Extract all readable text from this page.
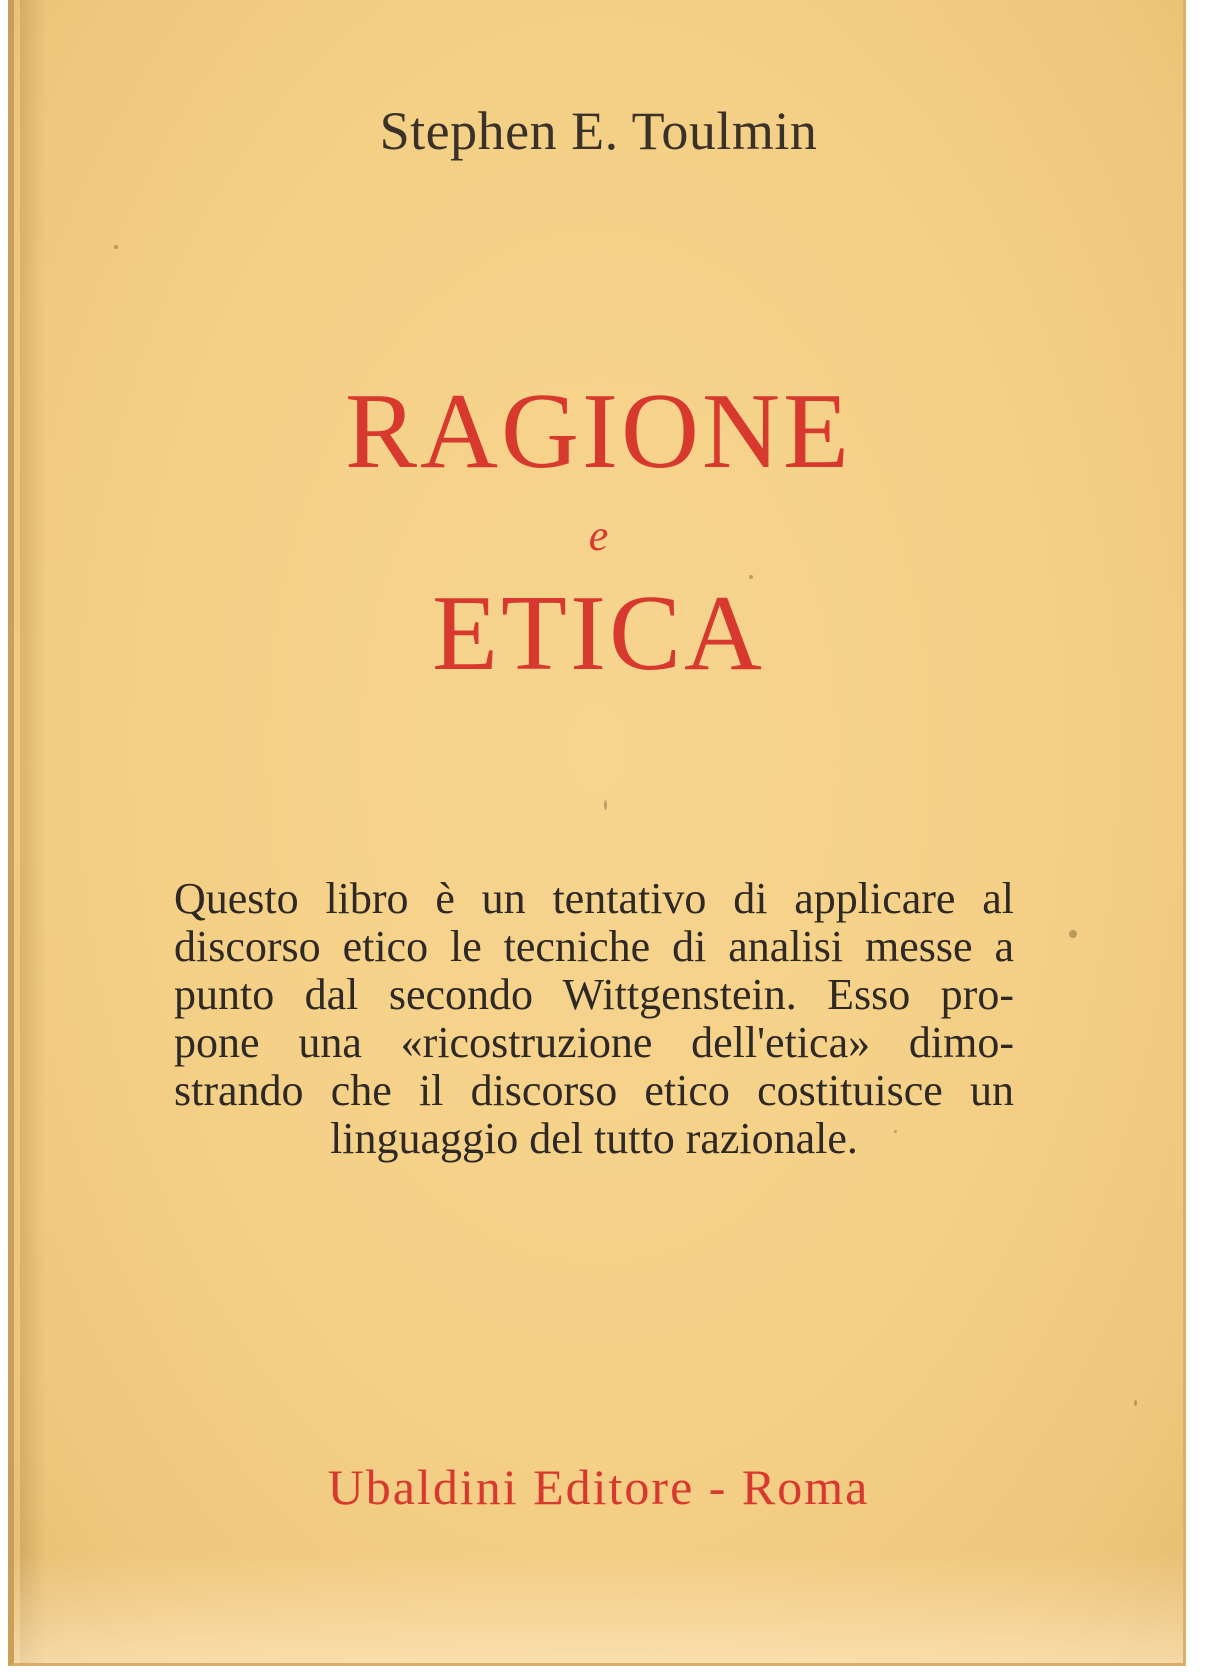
Stephen E. Toulmin
RAGIONE
e
ETICA
Questo libro è un tentativo di applicare al
discorso etico le tecniche di analisi messe a
punto dal secondo Wittgenstein. Esso pro-
pone una «ricostruzione dell'etica» dimo-
strando che il discorso etico costituisce un
linguaggio del tutto razionale.
Ubaldini Editore - Roma
